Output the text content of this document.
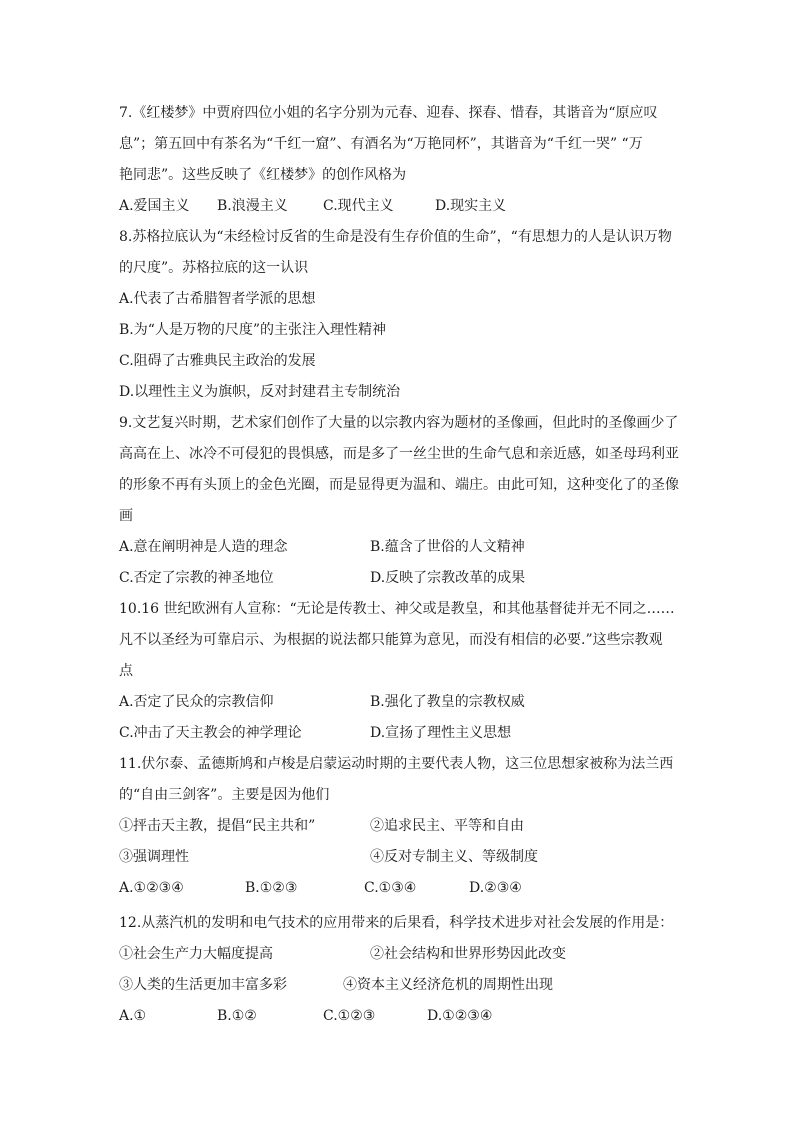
7.《红楼梦》中贾府四位小姐的名字分别为元春、迎春、探春、惜春，其谐音为“原应叹
息”；第五回中有茶名为“千红一窟”、有酒名为“万艳同杯”，其谐音为“千红一哭” “万
艳同悲”。这些反映了《红楼梦》的创作风格为
A.爱国主义 B.浪漫主义	C.现代主义	D.现实主义
8.苏格拉底认为“未经检讨反省的生命是没有生存价值的生命”，“有思想力的人是认识万物
的尺度”。苏格拉底的这一认识
A.代表了古希腊智者学派的思想
B.为“人是万物的尺度”的主张注入理性精神
C.阻碍了古雅典民主政治的发展
D.以理性主义为旗帜，反对封建君主专制统治
9.文艺复兴时期，艺术家们创作了大量的以宗教内容为题材的圣像画，但此时的圣像画少了
高高在上、冰冷不可侵犯的畏惧感，而是多了一丝尘世的生命气息和亲近感，如圣母玛利亚
的形象不再有头顶上的金色光圈，而是显得更为温和、端庄。由此可知，这种变化了的圣像
画
A.意在阐明神是人造的理念	B.蕴含了世俗的人文精神
C.否定了宗教的神圣地位	D.反映了宗教改革的成果
10.16 世纪欧洲有人宣称：“无论是传教士、神父或是教皇，和其他基督徒并无不同之……
凡不以圣经为可靠启示、为根据的说法都只能算为意见，而没有相信的必要.”这些宗教观
点
A.否定了民众的宗教信仰	B.强化了教皇的宗教权威
C.冲击了天主教会的神学理论	D.宣扬了理性主义思想
11.伏尔泰、孟德斯鸠和卢梭是启蒙运动时期的主要代表人物，这三位思想家被称为法兰西
的“自由三剑客”。主要是因为他们
①抨击天主教，提倡“民主共和”	②追求民主、平等和自由
③强调理性	④反对专制主义、等级制度
A.①②③④	B.①②③	C.①③④	D.②③④
12.从蒸汽机的发明和电气技术的应用带来的后果看，科学技术进步对社会发展的作用是：
①社会生产力大幅度提高	②社会结构和世界形势因此改变
③人类的生活更加丰富多彩	④资本主义经济危机的周期性出现
A.①	B.①②	C.①②③	D.①②③④
